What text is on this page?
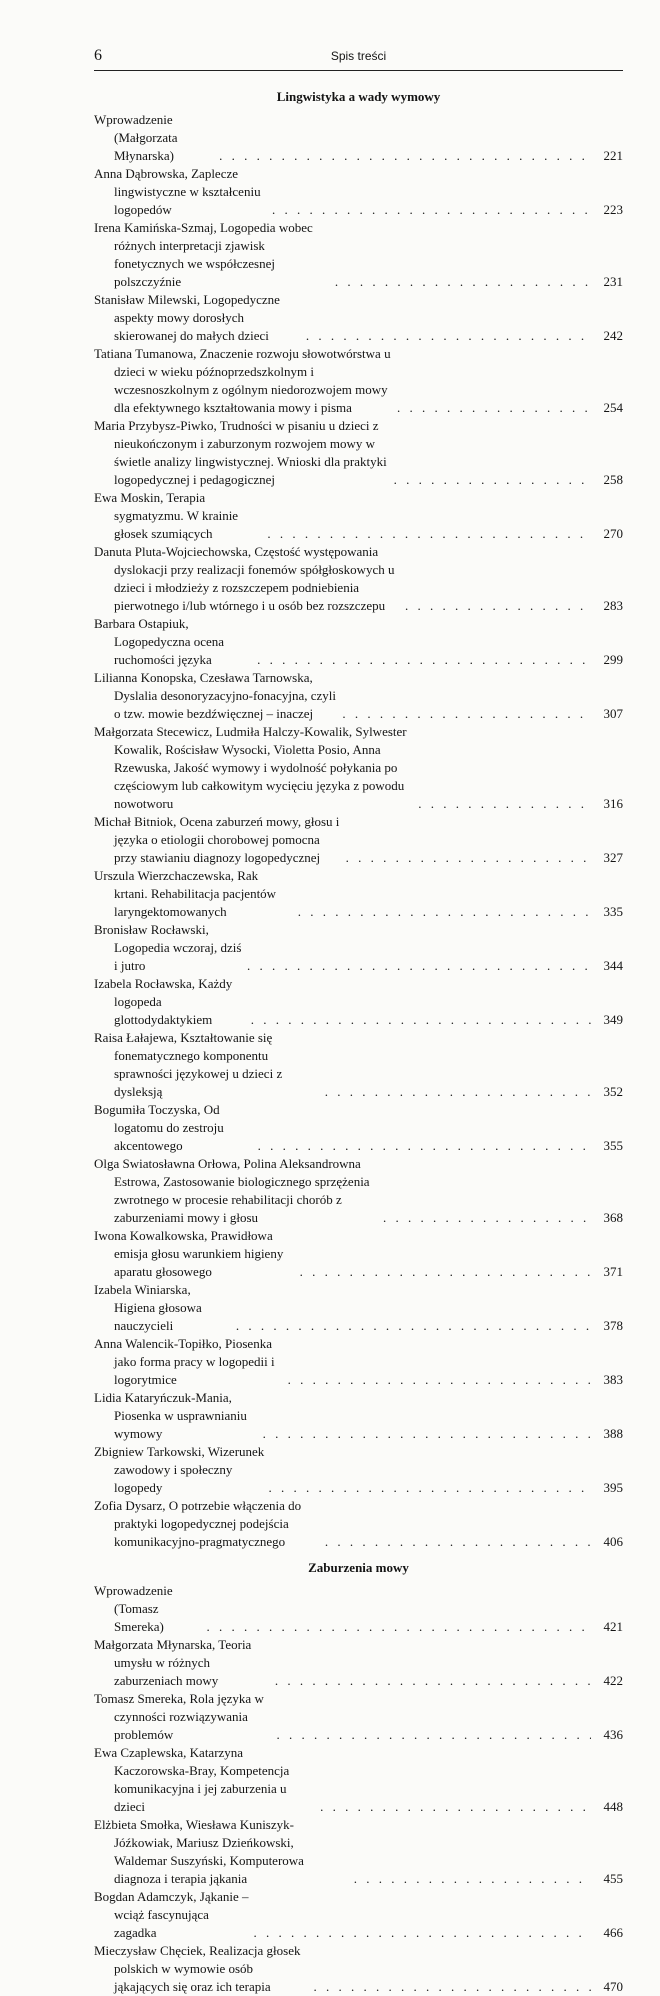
6	Spis treści
Lingwistyka a wady wymowy
Wprowadzenie (Małgorzata Młynarska) . . .	221
Anna Dąbrowska, Zaplecze lingwistyczne w kształceniu logopedów . . .	223
Irena Kamińska-Szmaj, Logopedia wobec różnych interpretacji zjawisk fonetycznych we współczesnej polszczyźnie . . .	231
Stanisław Milewski, Logopedyczne aspekty mowy dorosłych skierowanej do małych dzieci . . .	242
Tatiana Tumanowa, Znaczenie rozwoju słowotwórstwa u dzieci w wieku późnoprzedszkolnym i wczesnoszkolnym z ogólnym niedorozwojem mowy dla efektywnego kształtowania mowy i pisma . . .	254
Maria Przybysz-Piwko, Trudności w pisaniu u dzieci z nieukończonym i zaburzonym rozwojem mowy w świetle analizy lingwistycznej. Wnioski dla praktyki logopedycznej i pedagogicznej . . .	258
Ewa Moskin, Terapia sygmatyzmu. W krainie głosek szumiących . . .	270
Danuta Pluta-Wojciechowska, Częstość występowania dyslokacji przy realizacji fonemów spółgłoskowych u dzieci i młodzieży z rozszczepem podniebienia pierwotnego i/lub wtórnego i u osób bez rozszczepu . . .	283
Barbara Ostapiuk, Logopedyczna ocena ruchomości języka . . .	299
Lilianna Konopska, Czesława Tarnowska, Dyslalia desonoryzacyjno-fonacyjna, czyli o tzw. mowie bezdźwięcznej – inaczej . . .	307
Małgorzata Stecewicz, Ludmiła Halczy-Kowalik, Sylwester Kowalik, Rościsław Wysocki, Violetta Posio, Anna Rzewuska, Jakość wymowy i wydolność połykania po częściowym lub całkowitym wycięciu języka z powodu nowotworu . . .	316
Michał Bitniok, Ocena zaburzeń mowy, głosu i języka o etiologii chorobowej pomocna przy stawianiu diagnozy logopedycznej . . .	327
Urszula Wierzchaczewska, Rak krtani. Rehabilitacja pacjentów laryngektomowanych . . .	335
Bronisław Rocławski, Logopedia wczoraj, dziś i jutro . . .	344
Izabela Rocławska, Każdy logopeda glottodydaktykiem . . .	349
Raisa Łałajewa, Kształtowanie się fonematycznego komponentu sprawności językowej u dzieci z dysleksją . . .	352
Bogumiła Toczyska, Od logatomu do zestroju akcentowego . . .	355
Olga Swiatosławna Orłowa, Polina Aleksandrowna Estrowa, Zastosowanie biologicznego sprzężenia zwrotnego w procesie rehabilitacji chorób z zaburzeniami mowy i głosu . . .	368
Iwona Kowalkowska, Prawidłowa emisja głosu warunkiem higieny aparatu głosowego . . .	371
Izabela Winiarska, Higiena głosowa nauczycieli . . .	378
Anna Walencik-Topiłko, Piosenka jako forma pracy w logopedii i logorytmice . . .	383
Lidia Kataryńczuk-Mania, Piosenka w usprawnianiu wymowy . . .	388
Zbigniew Tarkowski, Wizerunek zawodowy i społeczny logopedy . . .	395
Zofia Dysarz, O potrzebie włączenia do praktyki logopedycznej podejścia komunikacyjno-pragmatycznego . . .	406
Zaburzenia mowy
Wprowadzenie (Tomasz Smereka) . . .	421
Małgorzata Młynarska, Teoria umysłu w różnych zaburzeniach mowy . . .	422
Tomasz Smereka, Rola języka w czynności rozwiązywania problemów . . .	436
Ewa Czaplewska, Katarzyna Kaczorowska-Bray, Kompetencja komunikacyjna i jej zaburzenia u dzieci . . .	448
Elżbieta Smołka, Wiesława Kuniszyk-Jóźkowiak, Mariusz Dzieńkowski, Waldemar Suszyński, Komputerowa diagnoza i terapia jąkania . . .	455
Bogdan Adamczyk, Jąkanie – wciąż fascynująca zagadka . . .	466
Mieczysław Chęciek, Realizacja głosek polskich w wymowie osób jąkających się oraz ich terapia . . .	470
